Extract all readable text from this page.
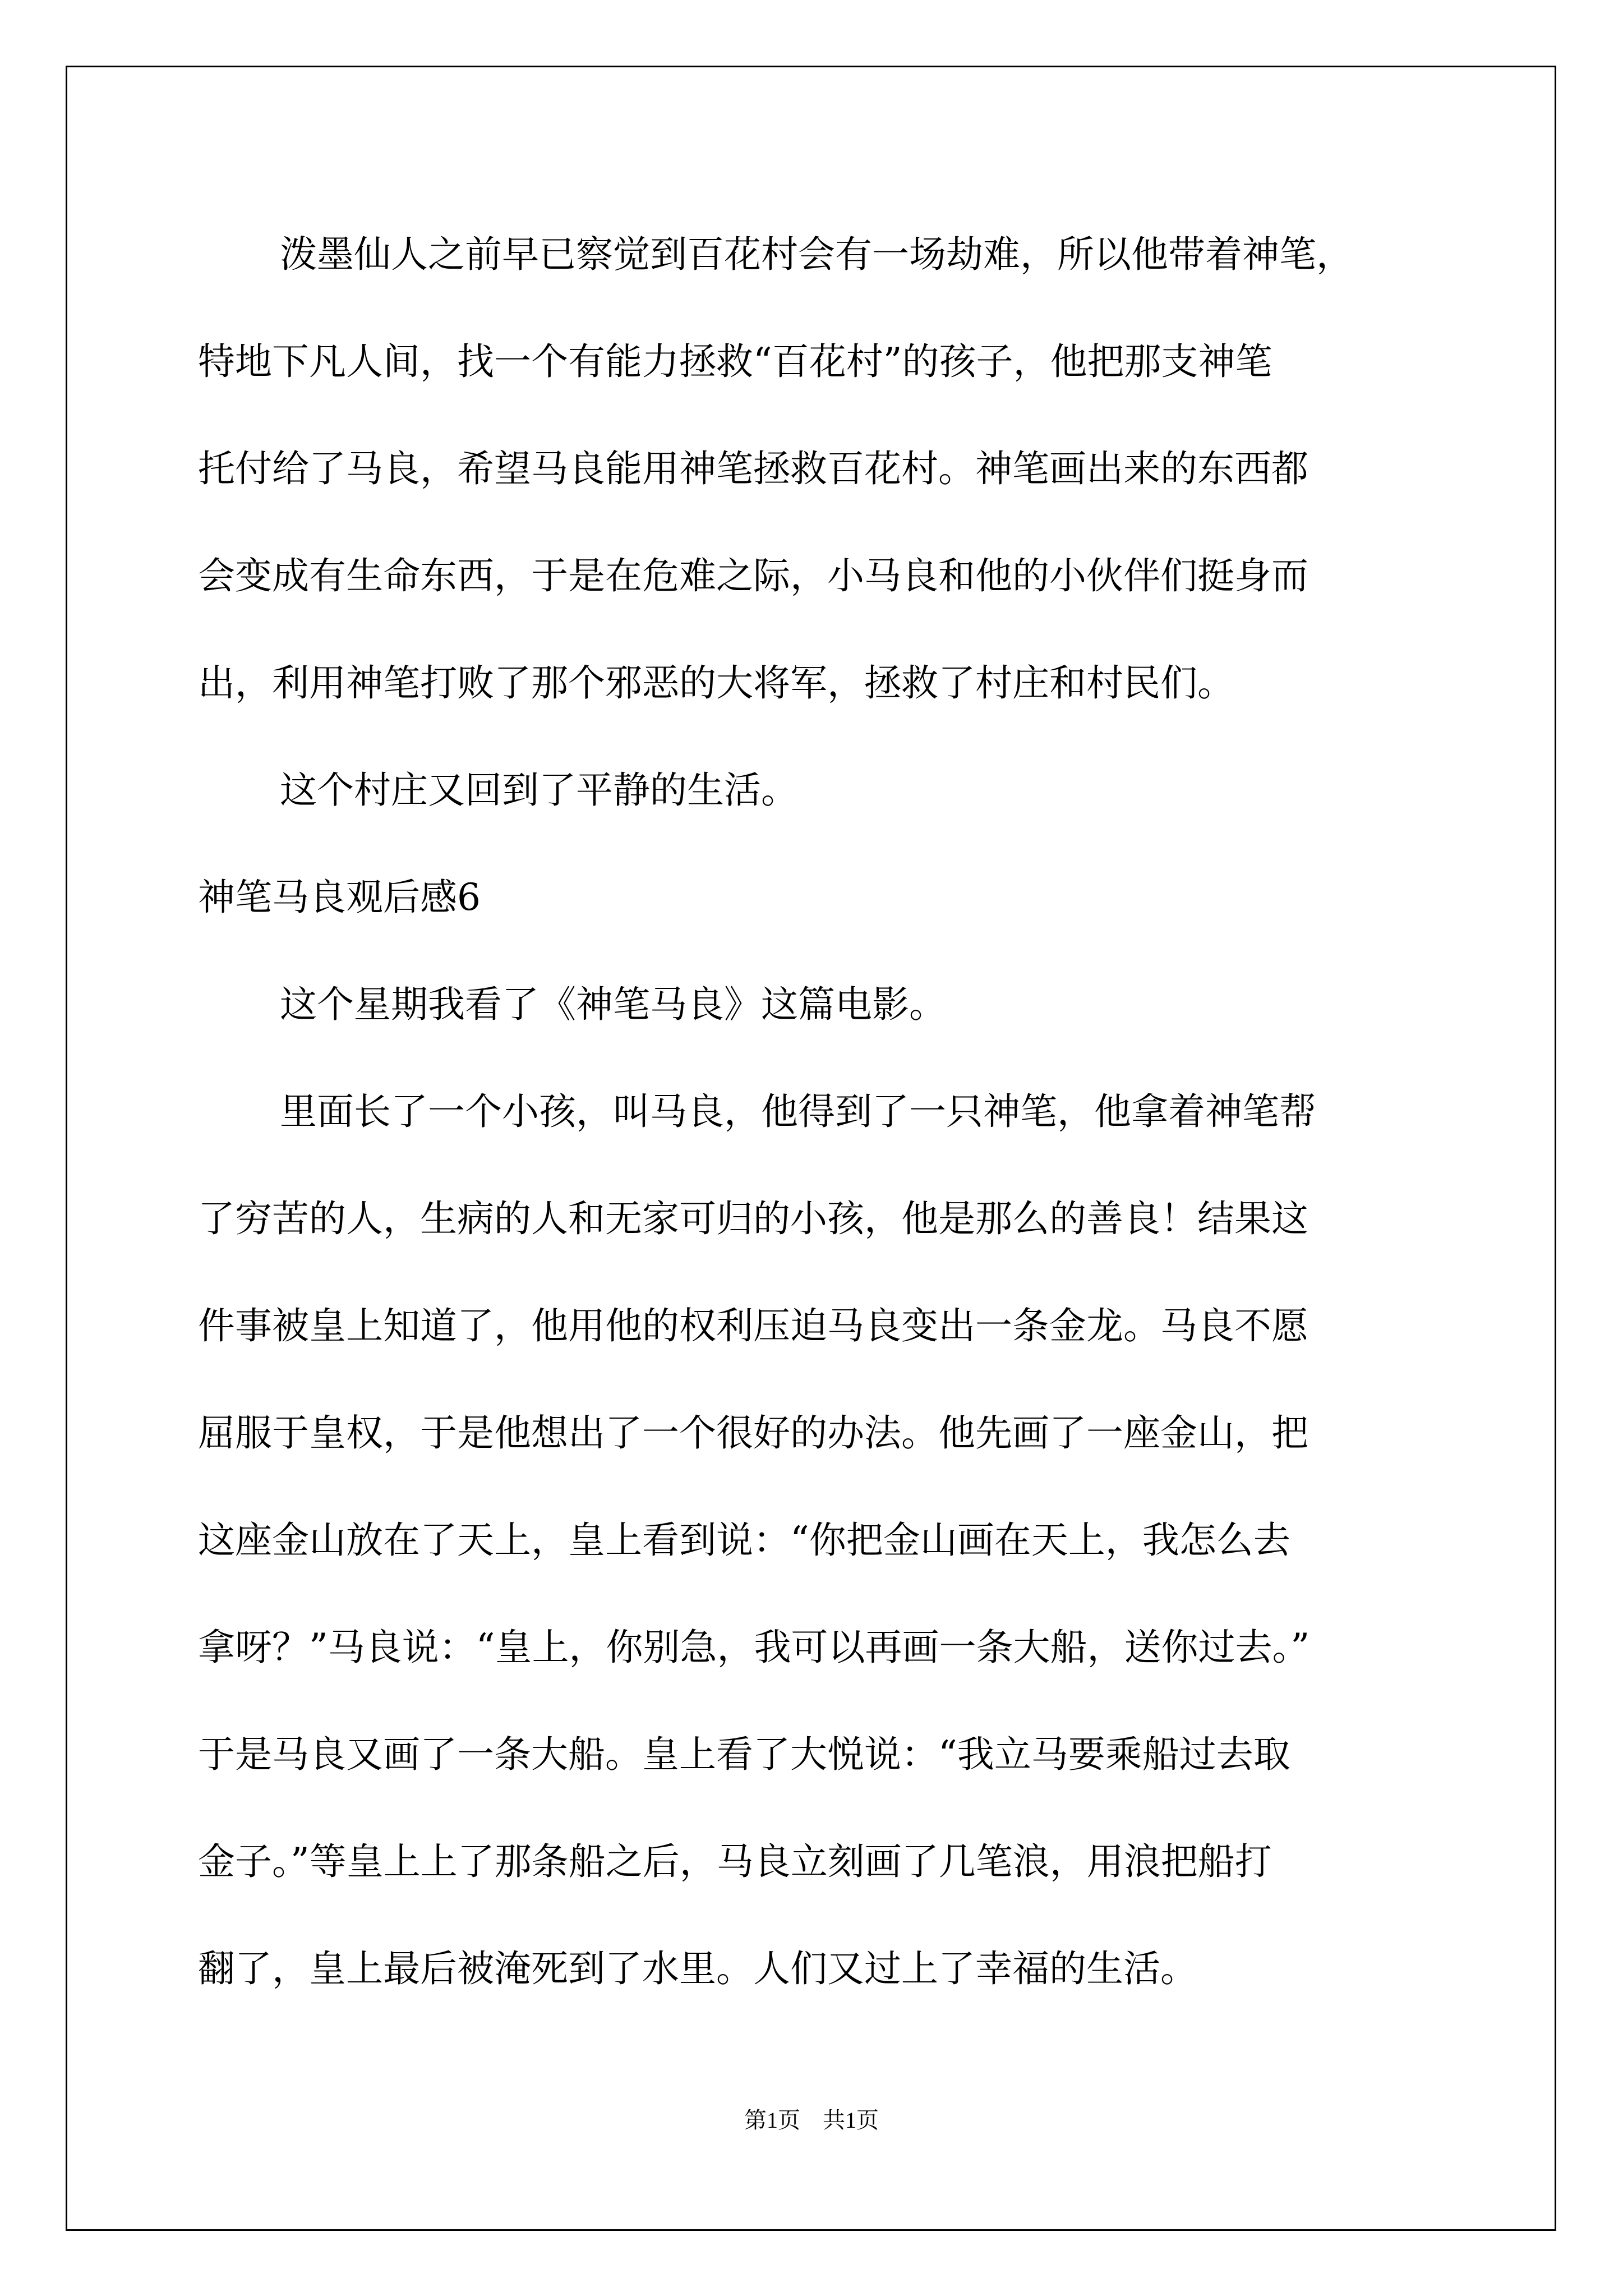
泼墨仙人之前早已察觉到百花村会有一场劫难，所以他带着神笔，
特地下凡人间，找一个有能力拯救“百花村”的孩子，他把那支神笔
托付给了马良，希望马良能用神笔拯救百花村。神笔画出来的东西都
会变成有生命东西，于是在危难之际，小马良和他的小伙伴们挺身而
出，利用神笔打败了那个邪恶的大将军，拯救了村庄和村民们。
这个村庄又回到了平静的生活。
神笔马良观后感6
这个星期我看了《神笔马良》这篇电影。
里面长了一个小孩，叫马良，他得到了一只神笔，他拿着神笔帮
了穷苦的人，生病的人和无家可归的小孩，他是那么的善良！结果这
件事被皇上知道了，他用他的权利压迫马良变出一条金龙。马良不愿
屈服于皇权，于是他想出了一个很好的办法。他先画了一座金山，把
这座金山放在了天上，皇上看到说：“你把金山画在天上，我怎么去
拿呀？”马良说：“皇上，你别急，我可以再画一条大船，送你过去。”
于是马良又画了一条大船。皇上看了大悦说：“我立马要乘船过去取
金子。”等皇上上了那条船之后，马良立刻画了几笔浪，用浪把船打
翻了，皇上最后被淹死到了水里。人们又过上了幸福的生活。
第1页 共1页
